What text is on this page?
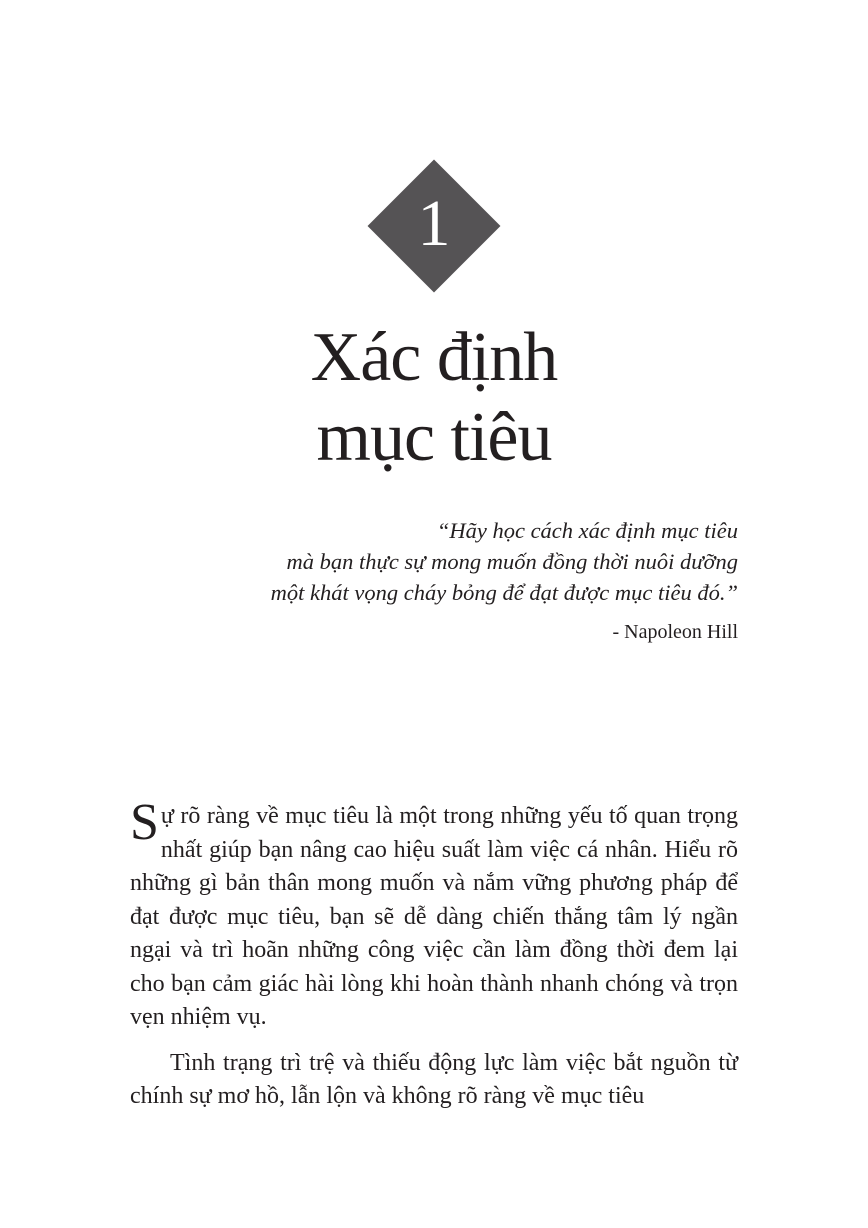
1
Xác định
mục tiêu
“Hãy học cách xác định mục tiêu
mà bạn thực sự mong muốn đồng thời nuôi dưỡng
một khát vọng cháy bỏng để đạt được mục tiêu đó.”
- Napoleon Hill

Sự rõ ràng về mục tiêu là một trong những yếu tố quan trọng nhất giúp bạn nâng cao hiệu suất làm việc cá nhân. Hiểu rõ những gì bản thân mong muốn và nắm vững phương pháp để đạt được mục tiêu, bạn sẽ dễ dàng chiến thắng tâm lý ngần ngại và trì hoãn những công việc cần làm đồng thời đem lại cho bạn cảm giác hài lòng khi hoàn thành nhanh chóng và trọn vẹn nhiệm vụ.

Tình trạng trì trệ và thiếu động lực làm việc bắt nguồn từ chính sự mơ hồ, lẫn lộn và không rõ ràng về mục tiêu
